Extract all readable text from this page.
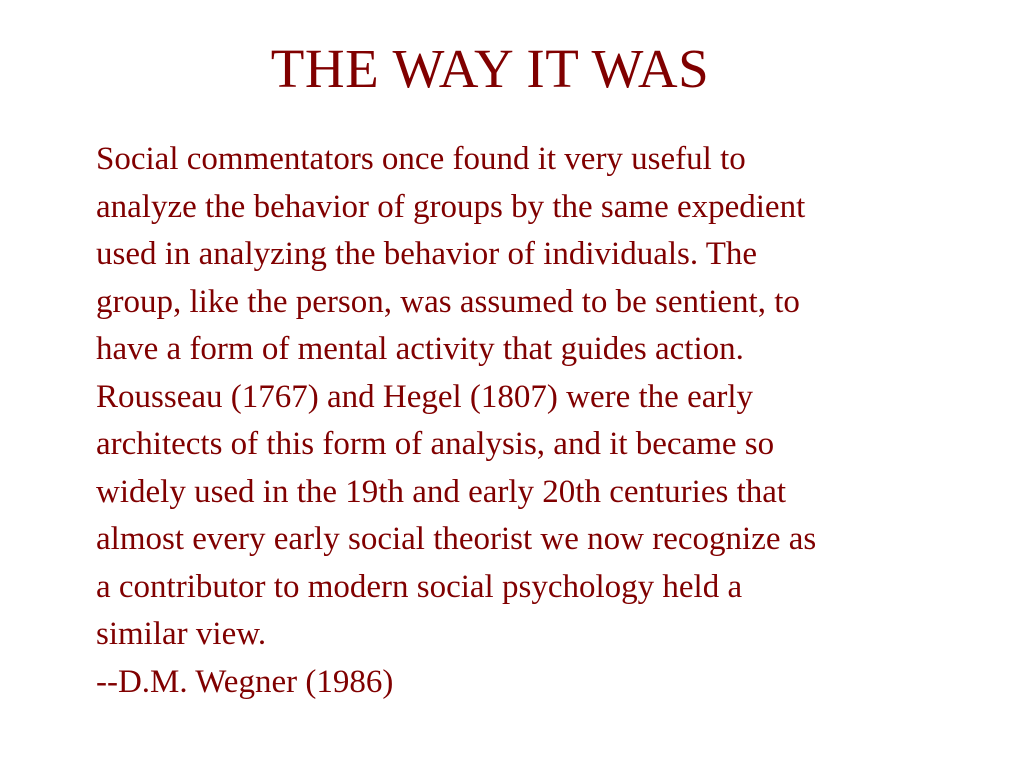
THE WAY IT WAS
Social commentators once found it very useful to
analyze the behavior of groups by the same expedient
used in analyzing the behavior of individuals. The
group, like the person, was assumed to be sentient, to
have a form of mental activity that guides action.
Rousseau (1767) and Hegel (1807) were the early
architects of this form of analysis, and it became so
widely used in the 19th and early 20th centuries that
almost every early social theorist we now recognize as
a contributor to modern social psychology held a
similar view.
--D.M. Wegner (1986)
